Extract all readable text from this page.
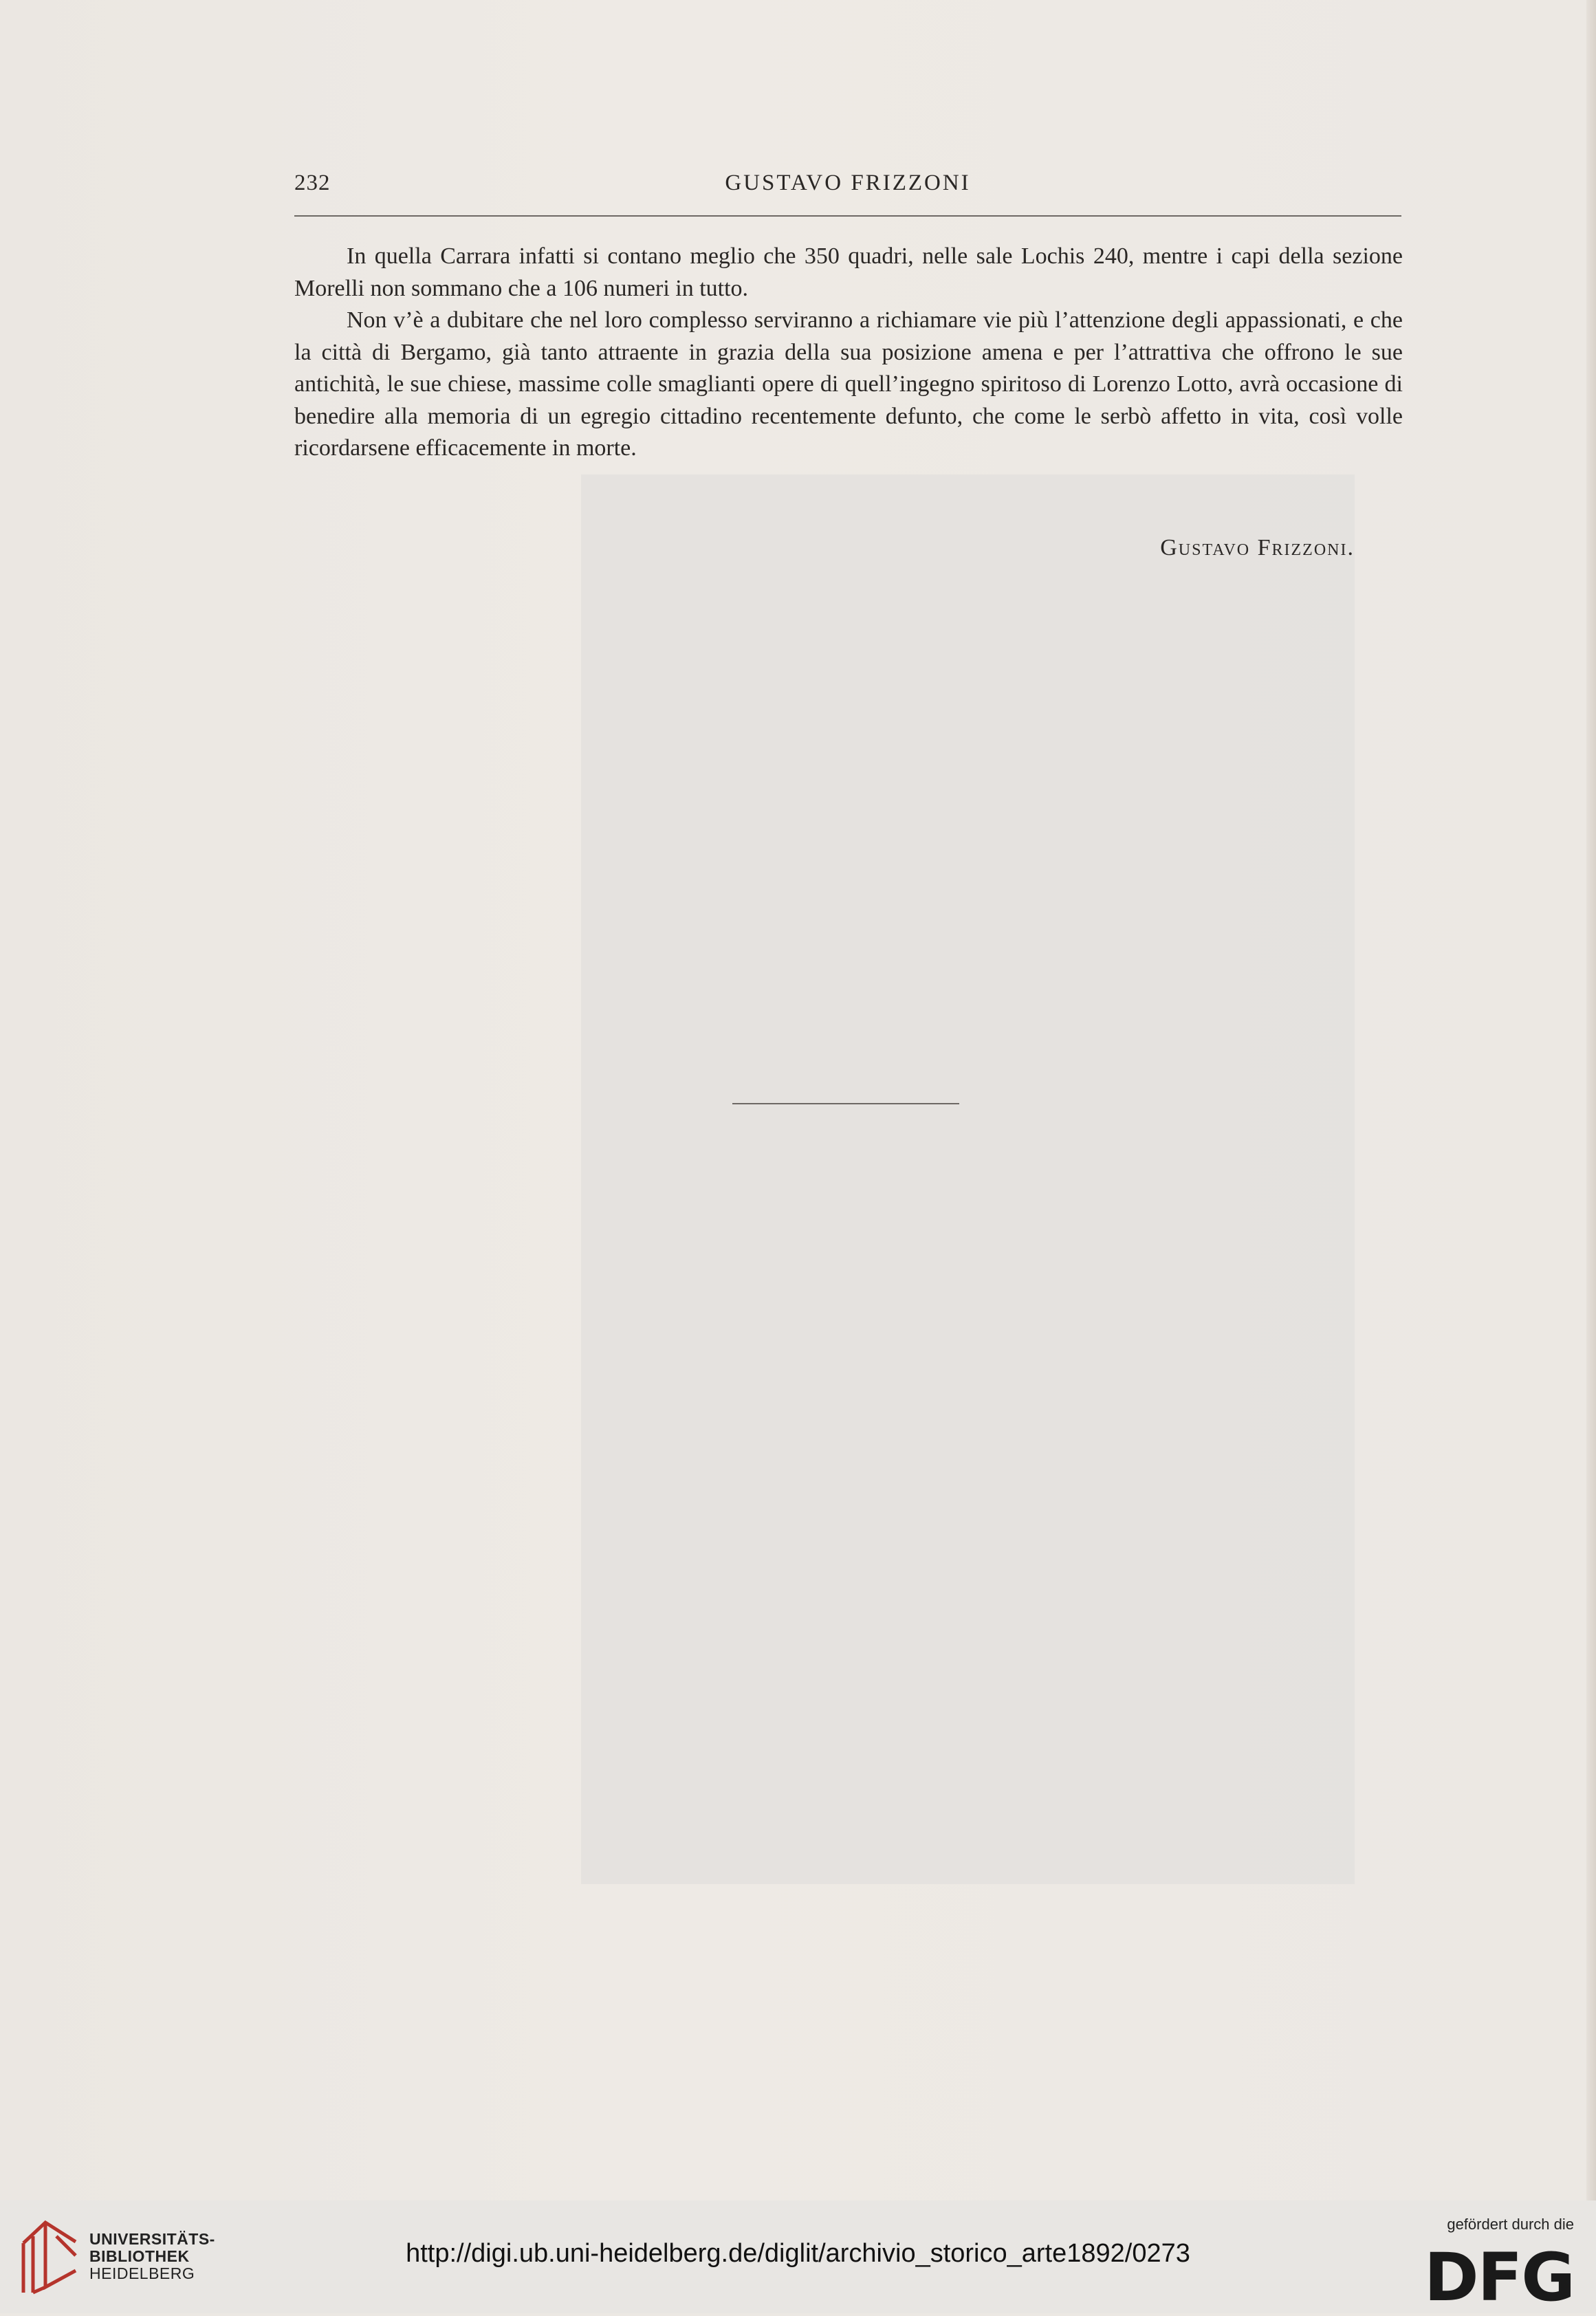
232	GUSTAVO FRIZZONI

In quella Carrara infatti si contano meglio che 350 quadri, nelle sale Lochis 240, mentre i capi della sezione Morelli non sommano che a 106 numeri in tutto.

Non v’è a dubitare che nel loro complesso serviranno a richiamare vie più l’attenzione degli appassionati, e che la città di Bergamo, già tanto attraente in grazia della sua posizione amena e per l’attrattiva che offrono le sue antichità, le sue chiese, massime colle smaglianti opere di quell’ingegno spiritoso di Lorenzo Lotto, avrà occasione di benedire alla memoria di un egregio cittadino recentemente defunto, che come le serbò affetto in vita, così volle ricordarsene efficacemente in morte.

Gustavo Frizzoni.
UNIVERSITÄTS-
BIBLIOTHEK
HEIDELBERG
http://digi.ub.uni-heidelberg.de/diglit/archivio_storico_arte1892/0273
gefördert durch die
DFG
